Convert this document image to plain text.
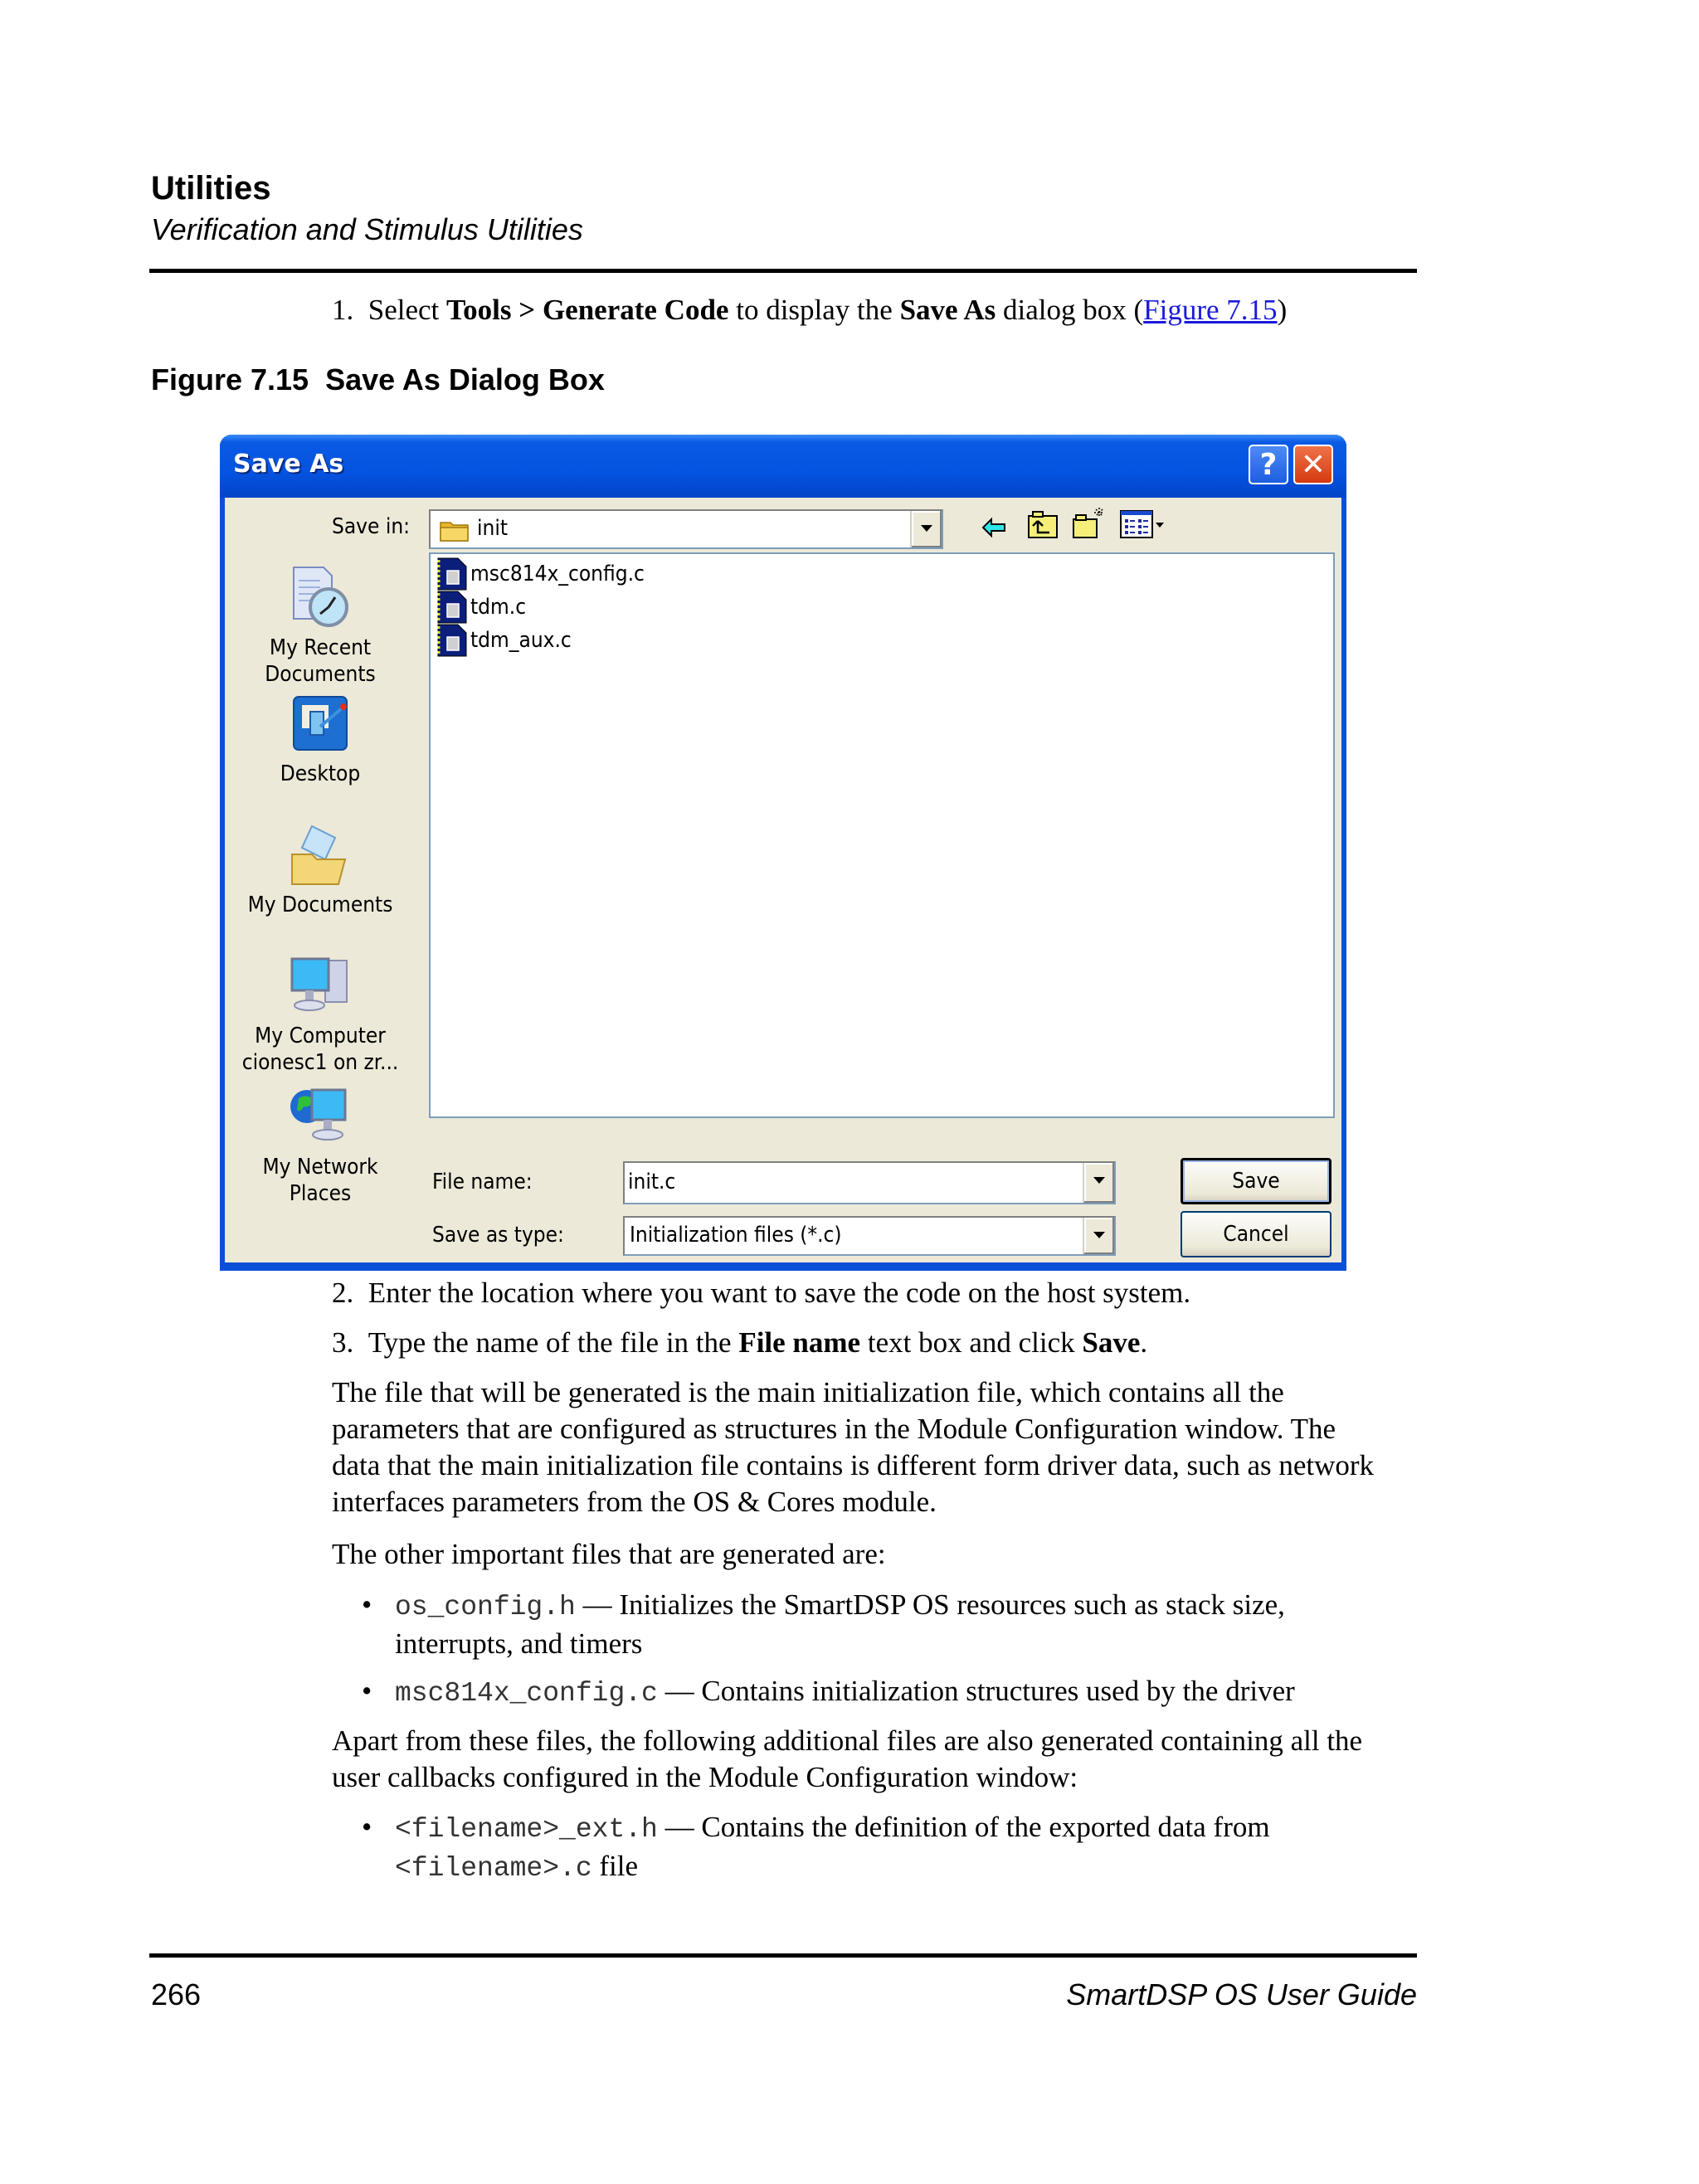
Utilities
Verification and Stimulus Utilities
1. Select Tools > Generate Code to display the Save As dialog box (Figure 7.15)
Figure 7.15 Save As Dialog Box
Save As	? ✕
Save in:	init
My Recent
Documents
Desktop
My Documents
My Computer
cionesc1 on zr...
My Network
Places
msc814x_config.c
tdm.c
tdm_aux.c
File name:	init.c
Save as type:	Initialization files (*.c)
Save
Cancel
2. Enter the location where you want to save the code on the host system.
3. Type the name of the file in the File name text box and click Save.
The file that will be generated is the main initialization file, which contains all the
parameters that are configured as structures in the Module Configuration window. The
data that the main initialization file contains is different form driver data, such as network
interfaces parameters from the OS & Cores module.
The other important files that are generated are:
• os_config.h — Initializes the SmartDSP OS resources such as stack size,
interrupts, and timers
• msc814x_config.c — Contains initialization structures used by the driver
Apart from these files, the following additional files are also generated containing all the
user callbacks configured in the Module Configuration window:
• <filename>_ext.h — Contains the definition of the exported data from
<filename>.c file
266	SmartDSP OS User Guide
